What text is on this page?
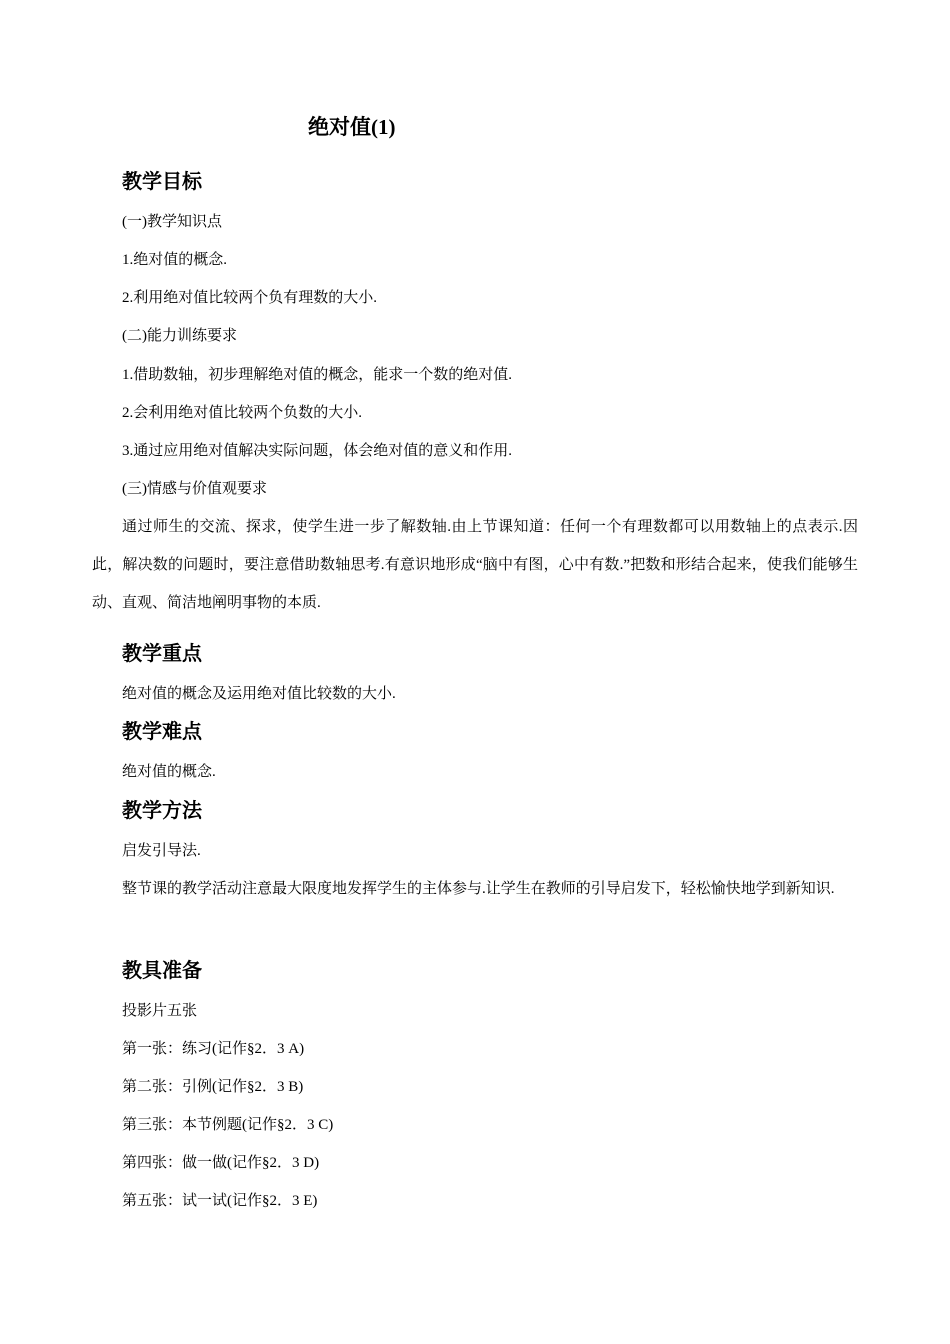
绝对值(1)
教学目标
(一)教学知识点
1.绝对值的概念.
2.利用绝对值比较两个负有理数的大小.
(二)能力训练要求
1.借助数轴，初步理解绝对值的概念，能求一个数的绝对值.
2.会利用绝对值比较两个负数的大小.
3.通过应用绝对值解决实际问题，体会绝对值的意义和作用.
(三)情感与价值观要求
通过师生的交流、探求，使学生进一步了解数轴.由上节课知道：任何一个有理数都可以用数轴上的点表示.因此，解决数的问题时，要注意借助数轴思考.有意识地形成“脑中有图，心中有数.”把数和形结合起来，使我们能够生动、直观、简洁地阐明事物的本质.
教学重点
绝对值的概念及运用绝对值比较数的大小.
教学难点
绝对值的概念.
教学方法
启发引导法.
整节课的教学活动注意最大限度地发挥学生的主体参与.让学生在教师的引导启发下，轻松愉快地学到新知识.
教具准备
投影片五张
第一张：练习(记作§2．3 A)
第二张：引例(记作§2．3 B)
第三张：本节例题(记作§2．3 C)
第四张：做一做(记作§2．3 D)
第五张：试一试(记作§2．3 E)
